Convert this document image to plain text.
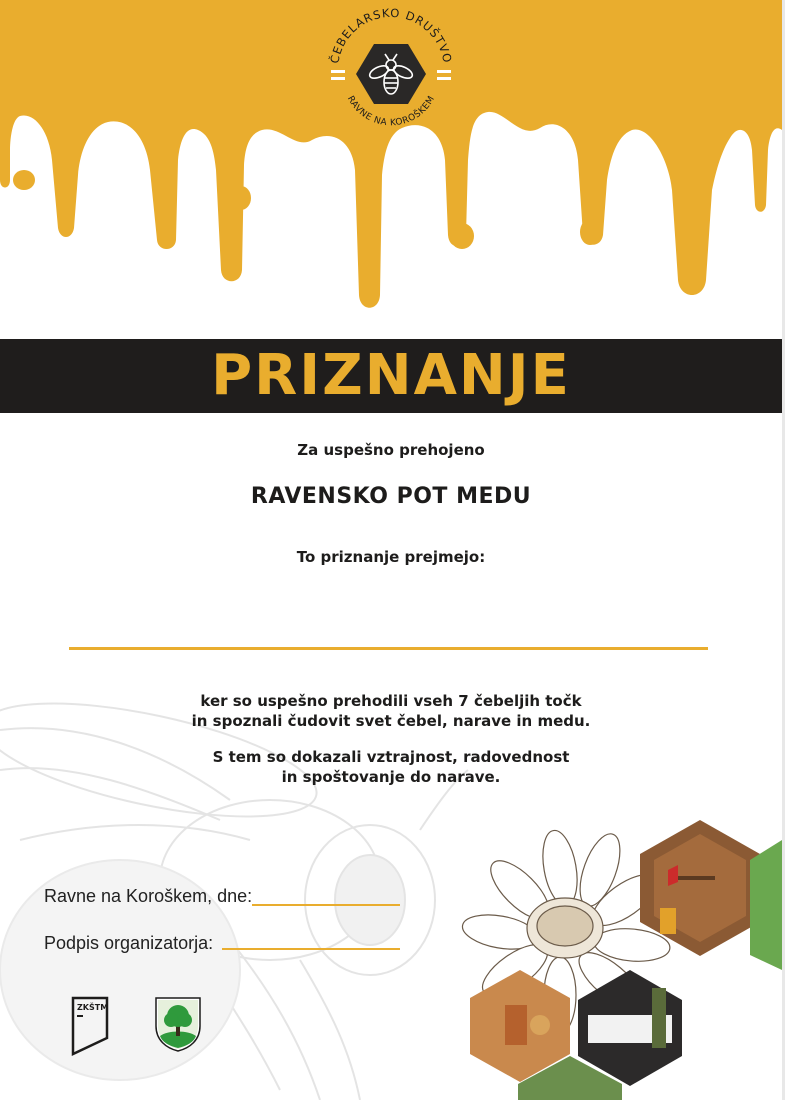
ČEBELARSKO DRUŠTVO
RAVNE NA KOROŠKEM
PRIZNANJE
Za uspešno prehojeno
RAVENSKO POT MEDU
To priznanje prejmejo:
ker so uspešno prehodili vseh 7 čebeljih točk
in spoznali čudovit svet čebel, narave in medu.
S tem so dokazali vztrajnost, radovednost
in spoštovanje do narave.
Ravne na Koroškem, dne:
Podpis organizatorja:
ZKŠTM
